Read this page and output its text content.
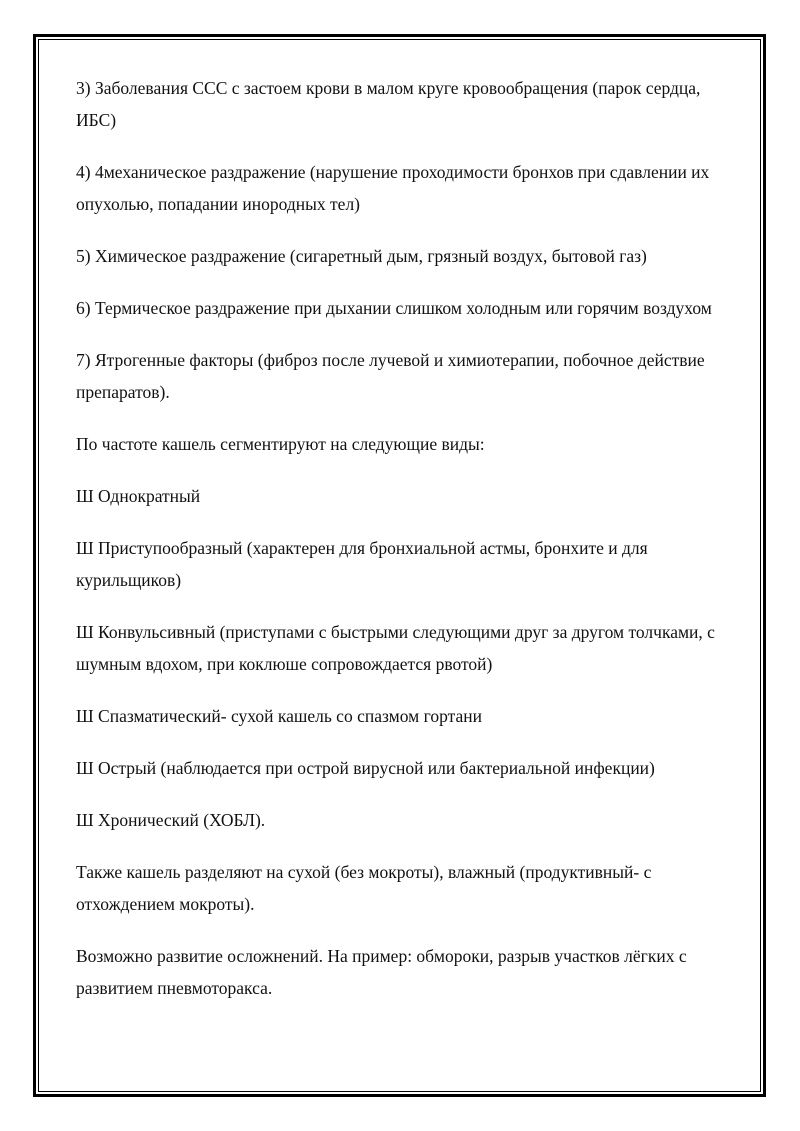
3) Заболевания ССС с застоем крови в малом круге кровообращения (парок сердца, ИБС)

4) 4механическое раздражение (нарушение проходимости бронхов при сдавлении их опухолью, попадании инородных тел)

5) Химическое раздражение (сигаретный дым, грязный воздух, бытовой газ)

6) Термическое раздражение при дыхании слишком холодным или горячим воздухом

7) Ятрогенные факторы (фиброз после лучевой и химиотерапии, побочное действие препаратов).

По частоте кашель сегментируют на следующие виды:

Ш Однократный

Ш Приступообразный (характерен для бронхиальной астмы, бронхите и для курильщиков)

Ш Конвульсивный (приступами с быстрыми следующими друг за другом толчками, с шумным вдохом, при коклюше сопровождается рвотой)

Ш Спазматический- сухой кашель со спазмом гортани

Ш Острый (наблюдается при острой вирусной или бактериальной инфекции)

Ш Хронический (ХОБЛ).

Также кашель разделяют на сухой (без мокроты), влажный (продуктивный- с отхождением мокроты).

Возможно развитие осложнений. На пример: обмороки, разрыв участков лёгких с развитием пневмоторакса.
